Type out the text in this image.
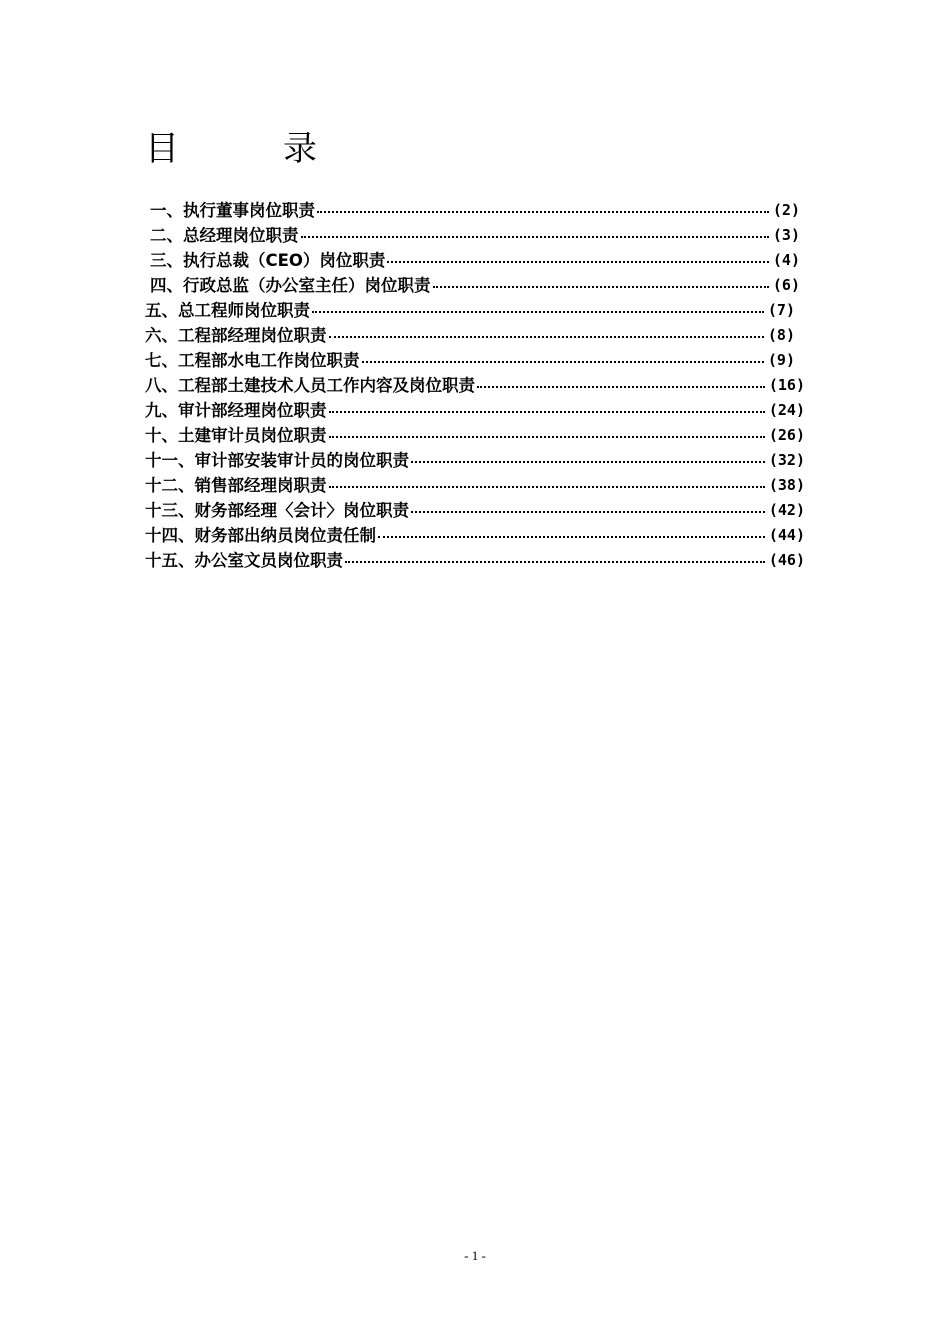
目	录
一、执行董事岗位职责	(2)
二、总经理岗位职责	(3)
三、执行总裁（CEO）岗位职责	(4)
四、行政总监（办公室主任）岗位职责	(6)
五、总工程师岗位职责	(7)
六、工程部经理岗位职责	(8)
七、工程部水电工作岗位职责	(9)
八、工程部土建技术人员工作内容及岗位职责	(16)
九、审计部经理岗位职责	(24)
十、土建审计员岗位职责	(26)
十一、审计部安装审计员的岗位职责	(32)
十二、销售部经理岗职责	(38)
十三、财务部经理〈会计〉岗位职责	(42)
十四、财务部出纳员岗位责任制	(44)
十五、办公室文员岗位职责	(46)
- 1 -
